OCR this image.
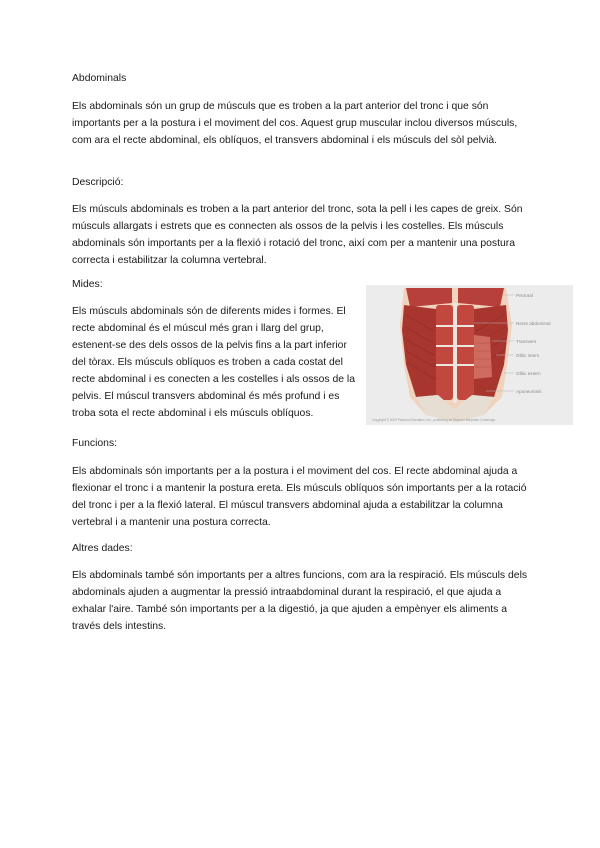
Abdominals

Els abdominals són un grup de músculs que es troben a la part anterior del tronc i que són importants per a la postura i el moviment del cos. Aquest grup muscular inclou diversos músculs, com ara el recte abdominal, els oblíquos, el transvers abdominal i els músculs del sòl pelvià.

Descripció:

Els músculs abdominals es troben a la part anterior del tronc, sota la pell i les capes de greix. Són músculs allargats i estrets que es connecten als ossos de la pelvis i les costelles. Els músculs abdominals són importants per a la flexió i rotació del tronc, així com per a mantenir una postura correcta i estabilitzar la columna vertebral.

Mides:

Els músculs abdominals són de diferents mides i formes. El recte abdominal és el múscul més gran i llarg del grup, estenent-se des dels ossos de la pelvis fins a la part inferior del tòrax. Els músculs oblíquos es troben a cada costat del recte abdominal i es conecten a les costelles i als ossos de la pelvis. El múscul transvers abdominal és més profund i es troba sota el recte abdominal i els músculs oblíquos.

Pectoral
Recte abdominal
Transvers
Oblic intern
Oblic extern
Aponeurosis
Copyright © 2009 Pearson Education, Inc., publishing as Pearson Benjamin Cummings.
Funcions:

Els abdominals són importants per a la postura i el moviment del cos. El recte abdominal ajuda a flexionar el tronc i a mantenir la postura ereta. Els músculs oblíquos són importants per a la rotació del tronc i per a la flexió lateral. El múscul transvers abdominal ajuda a estabilitzar la columna vertebral i a mantenir una postura correcta.

Altres dades:

Els abdominals també són importants per a altres funcions, com ara la respiració. Els músculs dels abdominals ajuden a augmentar la pressió intraabdominal durant la respiració, el que ajuda a exhalar l'aire. També són importants per a la digestió, ja que ajuden a empènyer els aliments a través dels intestins.
